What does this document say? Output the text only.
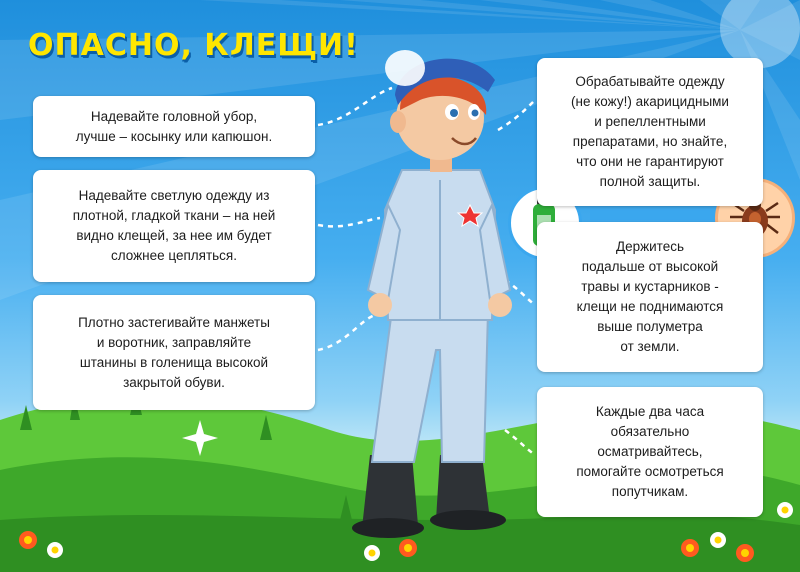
ОПАСНО, КЛЕЩИ!
Надевайте головной убор,
лучше – косынку или капюшон.
Надевайте светлую одежду из
плотной, гладкой ткани – на ней
видно клещей, за нее им будет
сложнее цепляться.
Плотно застегивайте манжеты
и воротник, заправляйте
штанины в голенища высокой
закрытой обуви.
Обрабатывайте одежду
(не кожу!) акарицидными
и репеллентными
препаратами, но знайте,
что они не гарантируют
полной защиты.
Держитесь
подальше от высокой
травы и кустарников -
клещи не поднимаются
выше полуметра
от земли.
Каждые два часа
обязательно
осматривайтесь,
помогайте осмотреться
попутчикам.
